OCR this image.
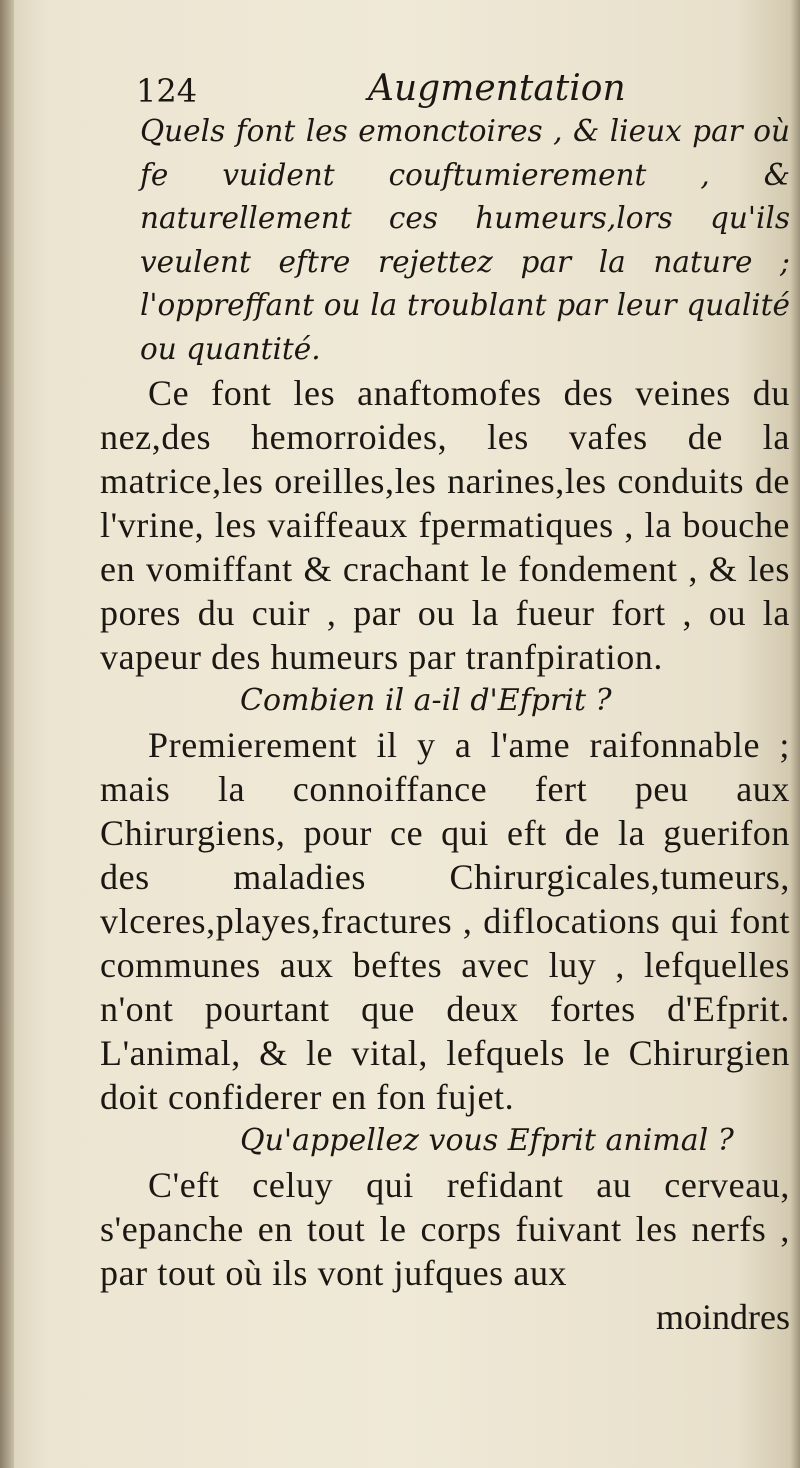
124	Augmentation

Quels font les emonctoires , & lieux par où fe vuident couftumierement , & naturellement ces humeurs,lors qu'ils veulent eftre rejettez par la nature ; l'oppreffant ou la troublant par leur qualité ou quantité.

Ce font les anaftomofes des veines du nez,des hemorroides, les vafes de la matrice,les oreilles,les narines,les conduits de l'vrine, les vaiffeaux fpermatiques , la bouche en vomiffant & crachant le fondement , & les pores du cuir , par ou la fueur fort , ou la vapeur des humeurs par tranfpiration.

Combien il a-il d'Efprit ?

Premierement il y a l'ame raifonnable ; mais la connoiffance fert peu aux Chirurgiens, pour ce qui eft de la guerifon des maladies Chirurgicales,tumeurs, vlceres,playes,fractures , diflocations qui font communes aux beftes avec luy , lefquelles n'ont pourtant que deux fortes d'Efprit. L'animal, & le vital, lefquels le Chirurgien doit confiderer en fon fujet.

Qu'appellez vous Efprit animal ?

C'eft celuy qui refidant au cerveau, s'epanche en tout le corps fuivant les nerfs , par tout où ils vont jufques aux

moindres
